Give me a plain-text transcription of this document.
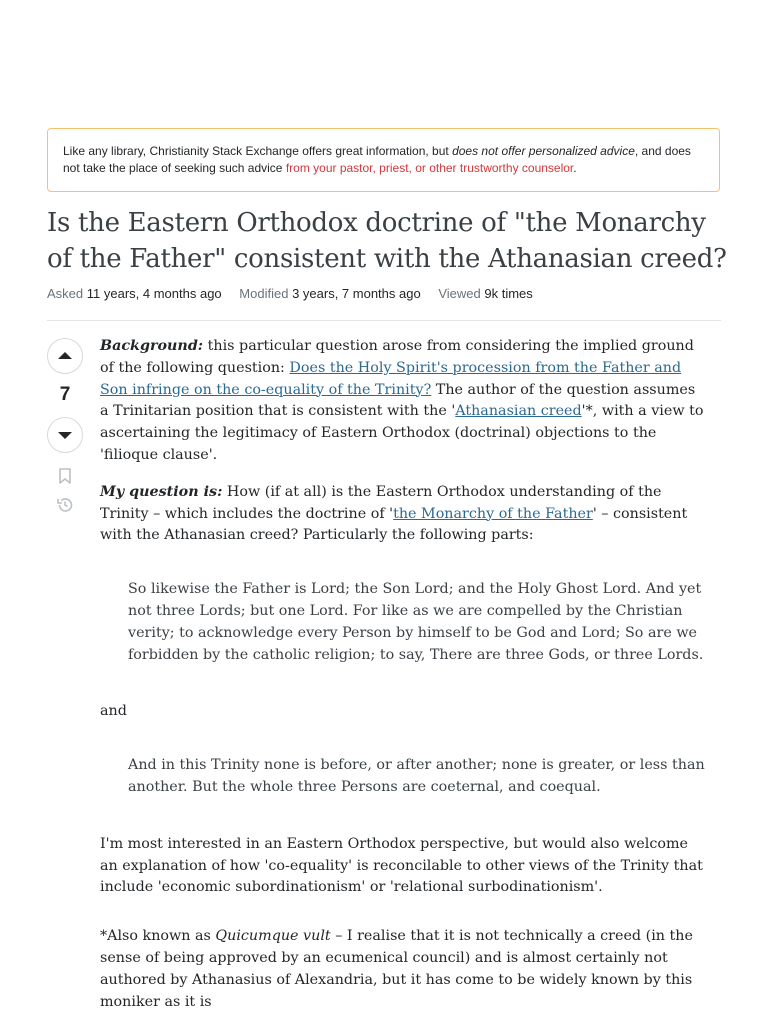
Like any library, Christianity Stack Exchange offers great information, but does not offer personalized advice, and does not take the place of seeking such advice from your pastor, priest, or other trustworthy counselor.
Is the Eastern Orthodox doctrine of "the Monarchy of the Father" consistent with the Athanasian creed?
Asked 11 years, 4 months ago Modified 3 years, 7 months ago Viewed 9k times
7

Background: this particular question arose from considering the implied ground of the following question: Does the Holy Spirit's procession from the Father and Son infringe on the co-equality of the Trinity? The author of the question assumes a Trinitarian position that is consistent with the 'Athanasian creed'*, with a view to ascertaining the legitimacy of Eastern Orthodox (doctrinal) objections to the 'filioque clause'.

My question is: How (if at all) is the Eastern Orthodox understanding of the Trinity – which includes the doctrine of 'the Monarchy of the Father' – consistent with the Athanasian creed? Particularly the following parts:

So likewise the Father is Lord; the Son Lord; and the Holy Ghost Lord. And yet not three Lords; but one Lord. For like as we are compelled by the Christian verity; to acknowledge every Person by himself to be God and Lord; So are we forbidden by the catholic religion; to say, There are three Gods, or three Lords.

and

And in this Trinity none is before, or after another; none is greater, or less than another. But the whole three Persons are coeternal, and coequal.

I'm most interested in an Eastern Orthodox perspective, but would also welcome an explanation of how 'co-equality' is reconcilable to other views of the Trinity that include 'economic subordinationism' or 'relational surbodinationism'.

*Also known as Quicumque vult – I realise that it is not technically a creed (in the sense of being approved by an ecumenical council) and is almost certainly not authored by Athanasius of Alexandria, but it has come to be widely known by this moniker as it is
